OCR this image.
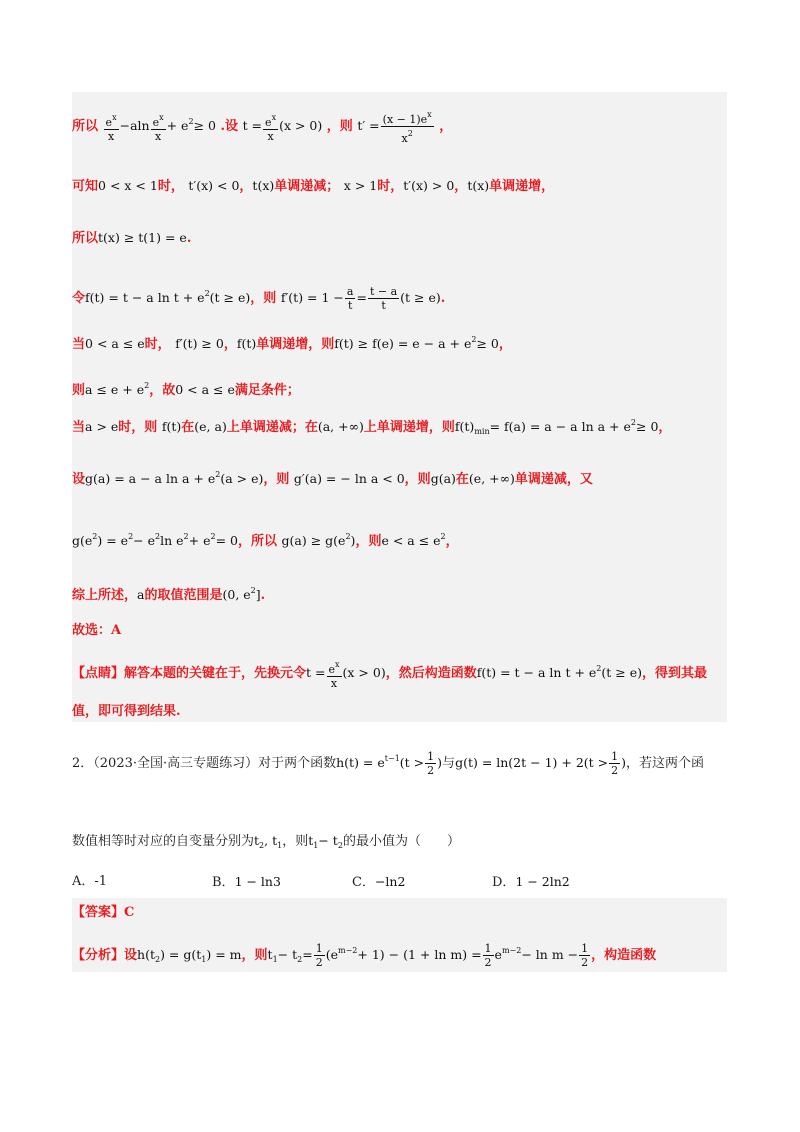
所以 $\frac{e^x}{x} -aln \frac{e^x}{x} + e^2\ge 0$ .设 $t = \frac{e^x}{x} (x > 0)$ ，则 $t' = \frac{(x - 1)e^x}{x^2}$ ，
可知0 < x < 1时， t′(x) < 0，t(x)单调递减； x > 1时，t′(x) > 0，t(x)单调递增，
所以t(x) ≥ t(1) = e.
令f(t) = t − a $\ln t + e^2(t \ge e)$，则 $f'(t) = 1 - \frac{a}{t} = \frac{t - a}{t} (t \ge e)$.
当0 < a ≤ e时， f′(t) ≥ 0，f(t)单调递增，则$f(t) \ge f(e) = e - a + e^2\ge 0$，
则$a \le e + e^2$，故0 < a ≤ e满足条件；
当a > e时，则 f(t)在(e, a)上单调递减；在(a, +∞)上单调递增，则$f(t)_{min}= f(a) = a - a$ $\ln a + e^2\ge 0$，
设g(a) = a − a $\ln a + e^2(a > e)$，则 g′(a) = − ln a < 0，则g(a)在(e, +∞)单调递减，又
$g(e^2) = e^2- e^2\ln$ $e^2+ e^2= 0$，所以 $g(a) \ge g(e^2)$，则$e < a \le e^2$，
综上所述，a的取值范围是(0, $e^2$].
故选：A
【点睛】解答本题的关键在于，先换元令$t = \frac{e^x}{x} (x > 0)$，然后构造函数f(t) = t − a $\ln t + e^2(t \ge e)$，得到其最
值，即可得到结果.
2．（2023·全国·高三专题练习）对于两个函数$h(t) = e^{t-1}(t > \frac{1}{2}$ )与$g(t) = \ln(2t - 1) + 2(t > \frac{1}{2}$ )，若这两个函
数值相等时对应的自变量分别为$t_2$, $t_1$，则$t_1- t_2$的最小值为（　　）
A．-1	B．1 − ln3	C．−ln2	D．1 − 2ln2
【答案】C
【分析】设$h(t_2) = g(t_1) = m$，则$t_1- t_2= \frac{1}{2} (e^{m-2}+ 1) - (1 + \ln m) = \frac{1}{2} e^{m-2}- \ln m - \frac{1}{2}$ ，构造函数
